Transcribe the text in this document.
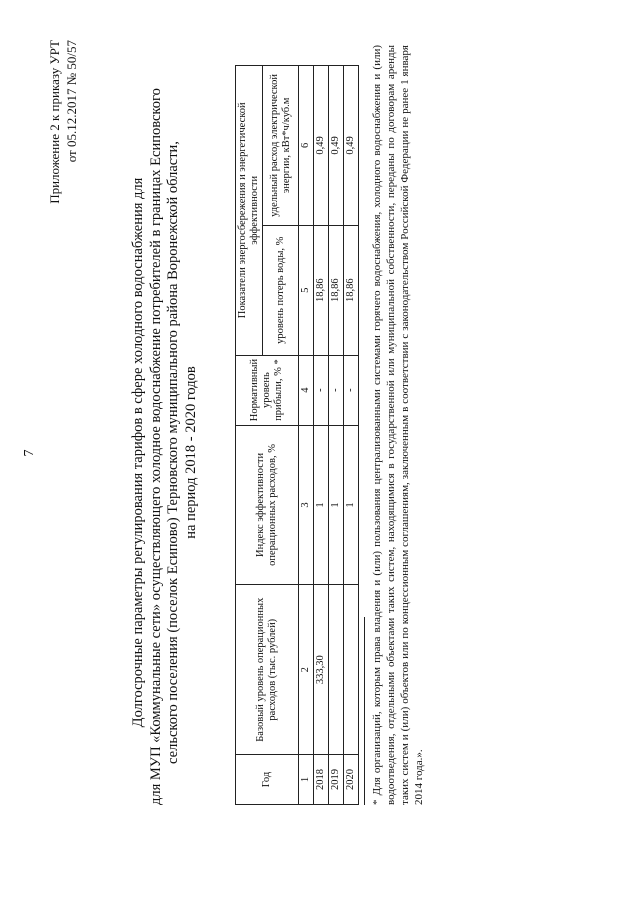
7
Приложение 2 к приказу УРТ от 05.12.2017 № 50/57
Долгосрочные параметры регулирования тарифов в сфере холодного водоснабжения для для МУП «Коммунальные сети» осуществляющего холодное водоснабжение потребителей в границах Есиповского сельского поселения (поселок Есипово) Терновского муниципального района Воронежской области, на период 2018 - 2020 годов
Год	Базовый уровень операционных расходов (тыс. рублей)	Индекс эффективности операционных расходов, %	Нормативный уровень прибыли, % *	Показатели энергосбережения и энергетической эффективности	
				уровень потерь воды, %	удельный расход электрической энергии, кВт*ч/куб.м
1	2	3	4	5	6
2018	333,30	1	-	18,86	0,49
2019		1	-	18,86	0,49
2020		1	-	18,86	0,49 * Для организаций, которым права владения и (или) пользования централизованными системами горячего водоснабжения, холодного водоснабжения и (или) водоотведения, отдельными объектами таких систем, находящимися в государственной или муниципальной собственности, переданы по договорам аренды таких систем и (или) объектов или по концессионным соглашениям, заключенным в соответствии с законодательством Российской Федерации не ранее 1 января 2014 года.».
